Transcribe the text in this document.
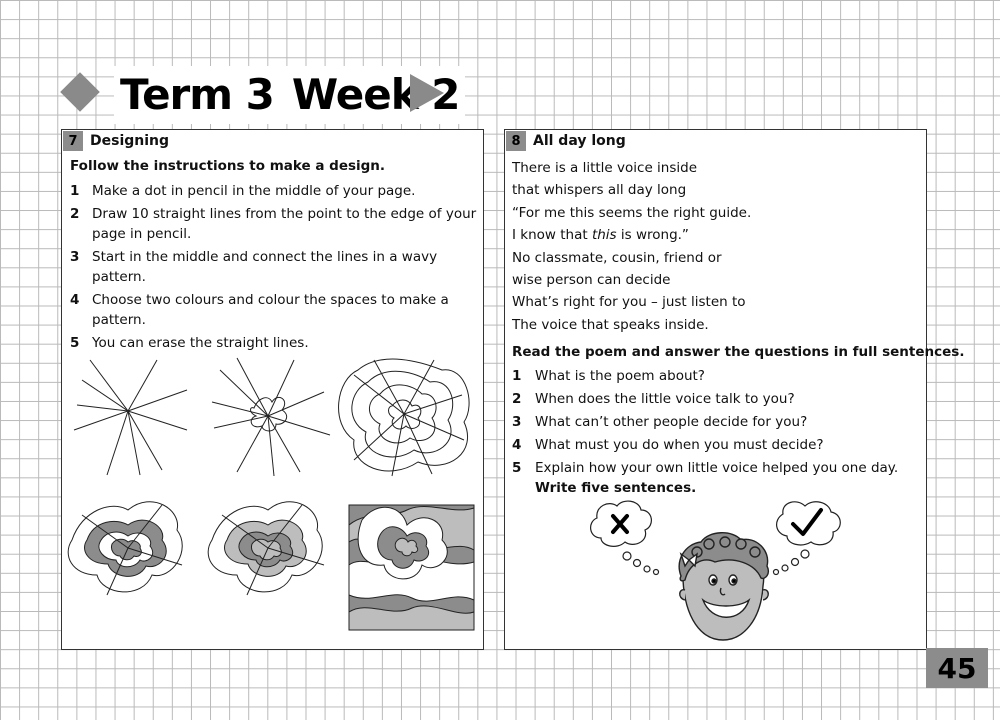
Term 3 Week 2
7 Designing
Follow the instructions to make a design.
1 Make a dot in pencil in the middle of your page.
2 Draw 10 straight lines from the point to the edge of your page in pencil.
3 Start in the middle and connect the lines in a wavy pattern.
4 Choose two colours and colour the spaces to make a pattern.
5 You can erase the straight lines.
8 All day long
There is a little voice inside
that whispers all day long
“For me this seems the right guide.
I know that this is wrong.”
No classmate, cousin, friend or
wise person can decide
What’s right for you – just listen to
The voice that speaks inside.
Read the poem and answer the questions in full sentences.
1 What is the poem about?
2 When does the little voice talk to you?
3 What can’t other people decide for you?
4 What must you do when you must decide?
5 Explain how your own little voice helped you one day.
Write five sentences.
45
